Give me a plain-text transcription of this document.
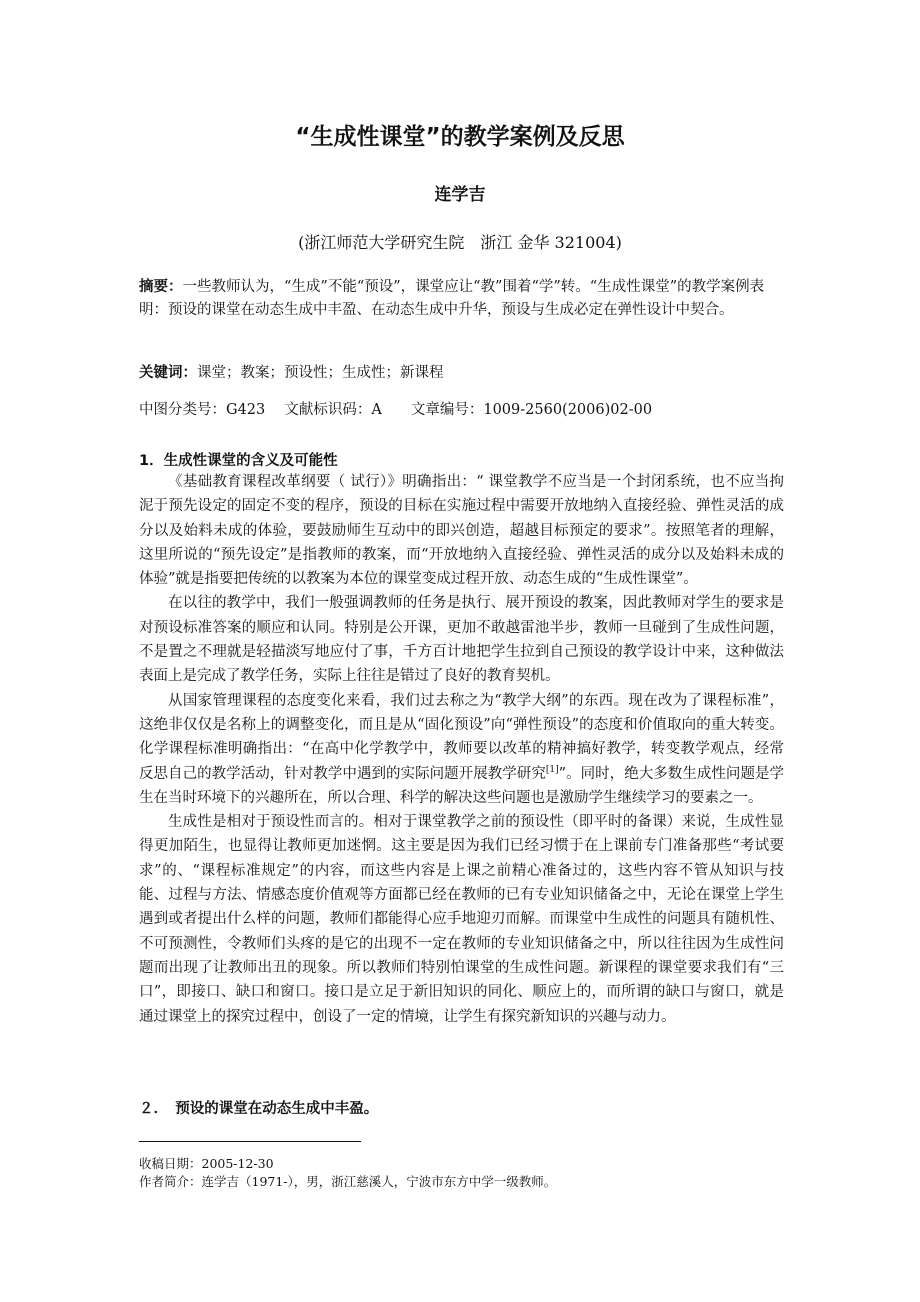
“生成性课堂”的教学案例及反思
连学吉
(浙江师范大学研究生院　浙江 金华 321004)
摘要：一些教师认为，“生成”不能“预设”，课堂应让“教”围着“学”转。“生成性课堂”的教学案例表明：预设的课堂在动态生成中丰盈、在动态生成中升华，预设与生成必定在弹性设计中契合。
关键词：课堂；教案；预设性；生成性；新课程
中图分类号：G423　 文献标识码：A　　文章编号：1009-2560(2006)02-00
1．生成性课堂的含义及可能性

《基础教育课程改革纲要（ 试行）》明确指出：“ 课堂教学不应当是一个封闭系统，也不应当拘泥于预先设定的固定不变的程序，预设的目标在实施过程中需要开放地纳入直接经验、弹性灵活的成分以及始料未成的体验，要鼓励师生互动中的即兴创造，超越目标预定的要求”。按照笔者的理解，这里所说的“预先设定”是指教师的教案，而“开放地纳入直接经验、弹性灵活的成分以及始料未成的体验”就是指要把传统的以教案为本位的课堂变成过程开放、动态生成的“生成性课堂”。

在以往的教学中，我们一般强调教师的任务是执行、展开预设的教案，因此教师对学生的要求是对预设标准答案的顺应和认同。特别是公开课，更加不敢越雷池半步，教师一旦碰到了生成性问题，不是置之不理就是轻描淡写地应付了事，千方百计地把学生拉到自己预设的教学设计中来，这种做法表面上是完成了教学任务，实际上往往是错过了良好的教育契机。

从国家管理课程的态度变化来看，我们过去称之为“教学大纲”的东西。现在改为了课程标准”，这绝非仅仅是名称上的调整变化，而且是从“固化预设”向“弹性预设”的态度和价值取向的重大转变。化学课程标准明确指出：“在高中化学教学中，教师要以改革的精神搞好教学，转变教学观点，经常反思自己的教学活动，针对教学中遇到的实际问题开展教学研究[1]”。同时，绝大多数生成性问题是学生在当时环境下的兴趣所在，所以合理、科学的解决这些问题也是激励学生继续学习的要素之一。

生成性是相对于预设性而言的。相对于课堂教学之前的预设性（即平时的备课）来说，生成性显得更加陌生，也显得让教师更加迷惘。这主要是因为我们已经习惯于在上课前专门准备那些“考试要求”的、“课程标准规定”的内容，而这些内容是上课之前精心准备过的，这些内容不管从知识与技能、过程与方法、情感态度价值观等方面都已经在教师的已有专业知识储备之中，无论在课堂上学生遇到或者提出什么样的问题，教师们都能得心应手地迎刃而解。而课堂中生成性的问题具有随机性、不可预测性，令教师们头疼的是它的出现不一定在教师的专业知识储备之中，所以往往因为生成性问题而出现了让教师出丑的现象。所以教师们特别怕课堂的生成性问题。新课程的课堂要求我们有“三口”，即接口、缺口和窗口。接口是立足于新旧知识的同化、顺应上的，而所谓的缺口与窗口，就是通过课堂上的探究过程中，创设了一定的情境，让学生有探究新知识的兴趣与动力。

２．　预设的课堂在动态生成中丰盈。
收稿日期：2005-12-30
作者简介：连学吉（1971-），男，浙江慈溪人，宁波市东方中学一级教师。
